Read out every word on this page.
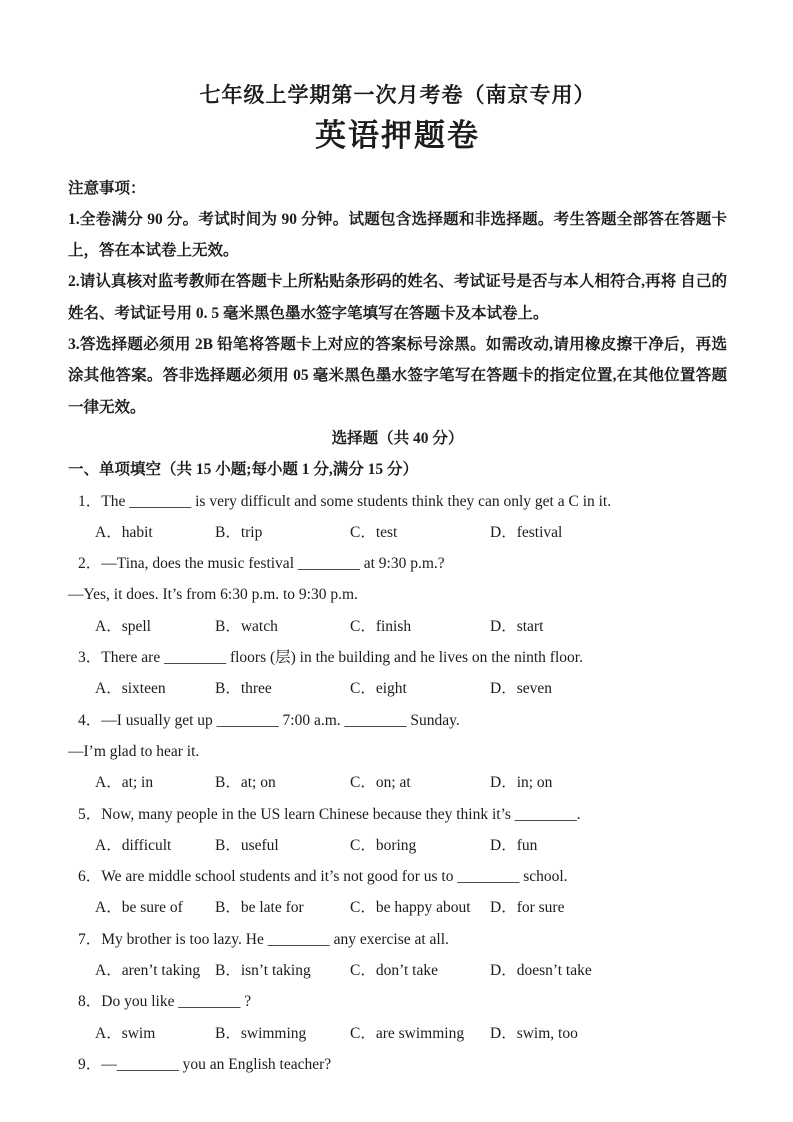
七年级上学期第一次月考卷（南京专用）
英语押题卷
注意事项：
1.全卷满分 90 分。考试时间为 90 分钟。试题包含选择题和非选择题。考生答题全部答在答题卡上，答在本试卷上无效。
2.请认真核对监考教师在答题卡上所粘贴条形码的姓名、考试证号是否与本人相符合,再将 自己的姓名、考试证号用 0. 5 毫米黑色墨水签字笔填写在答题卡及本试卷上。
3.答选择题必须用 2B 铅笔将答题卡上对应的答案标号涂黑。如需改动,请用橡皮擦干净后，再选涂其他答案。答非选择题必须用 05 毫米黑色墨水签字笔写在答题卡的指定位置,在其他位置答题一律无效。
选择题（共 40 分）
一、单项填空（共 15 小题;每小题 1 分,满分 15 分）
1．The ________ is very difficult and some students think they can only get a C in it.
A．habit	B．trip	C．test	D．festival
2．—Tina, does the music festival ________ at 9:30 p.m.?
—Yes, it does. It’s from 6:30 p.m. to 9:30 p.m.
A．spell	B．watch	C．finish	D．start
3．There are ________ floors (层) in the building and he lives on the ninth floor.
A．sixteen	B．three	C．eight	D．seven
4．—I usually get up ________ 7:00 a.m. ________ Sunday.
—I’m glad to hear it.
A．at; in	B．at; on	C．on; at	D．in; on
5．Now, many people in the US learn Chinese because they think it’s ________.
A．difficult	B．useful	C．boring	D．fun
6．We are middle school students and it’s not good for us to ________ school.
A．be sure of	B．be late for	C．be happy about	D．for sure
7．My brother is too lazy. He ________ any exercise at all.
A．aren’t taking B．isn’t taking	C．don’t take	D．doesn’t take
8．Do you like ________ ?
A．swim	B．swimming	C．are swimming	D．swim, too
9．—________ you an English teacher?
